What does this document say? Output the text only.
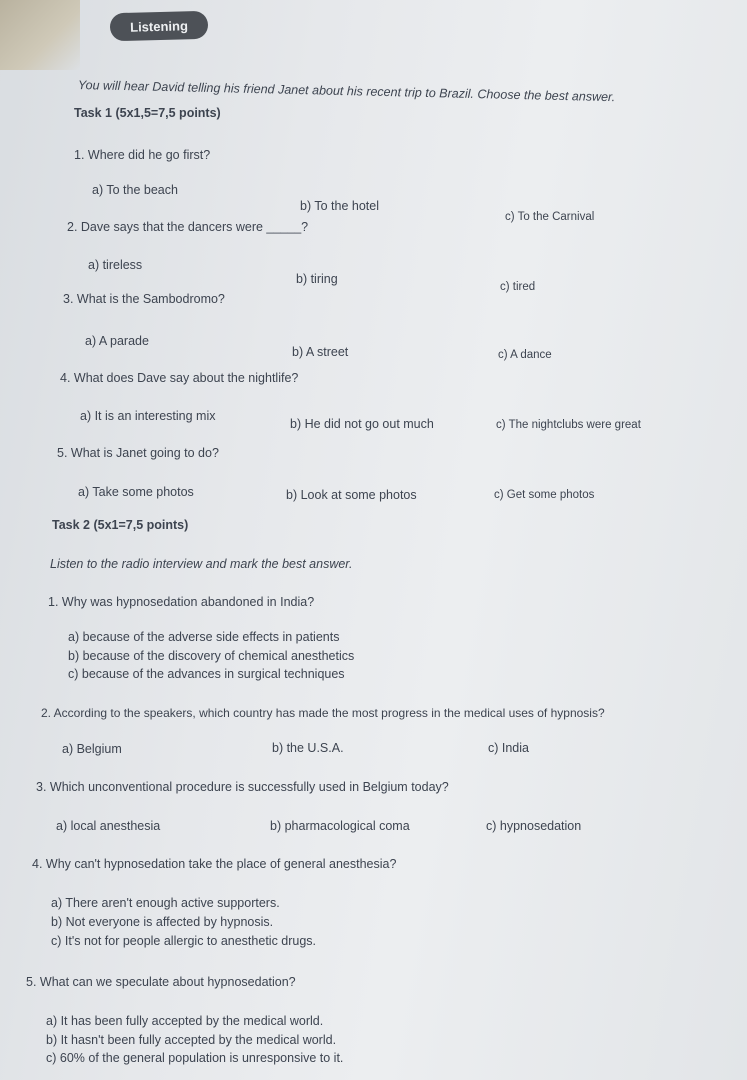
Listening
You will hear David telling his friend Janet about his recent trip to Brazil. Choose the best answer.
Task 1 (5x1,5=7,5 points)
1. Where did he go first?
a) To the beach
b) To the hotel
c) To the Carnival
2. Dave says that the dancers were _____?
a) tireless
b) tiring
c) tired
3. What is the Sambodromo?
a) A parade
b) A street	c) A dance
4. What does Dave say about the nightlife?
a) It is an interesting mix
b) He did not go out much	c) The nightclubs were great
5. What is Janet going to do?
a) Take some photos	b) Look at some photos	c) Get some photos
Task 2 (5x1=7,5 points)
Listen to the radio interview and mark the best answer.
1. Why was hypnosedation abandoned in India?
a) because of the adverse side effects in patients
b) because of the discovery of chemical anesthetics
c) because of the advances in surgical techniques
2. According to the speakers, which country has made the most progress in the medical uses of hypnosis?
a) Belgium	b) the U.S.A.	c) India
3. Which unconventional procedure is successfully used in Belgium today?
a) local anesthesia	b) pharmacological coma	c) hypnosedation
4. Why can't hypnosedation take the place of general anesthesia?
a) There aren't enough active supporters.
b) Not everyone is affected by hypnosis.
c) It's not for people allergic to anesthetic drugs.
5. What can we speculate about hypnosedation?
a) It has been fully accepted by the medical world.
b) It hasn't been fully accepted by the medical world.
c) 60% of the general population is unresponsive to it.
